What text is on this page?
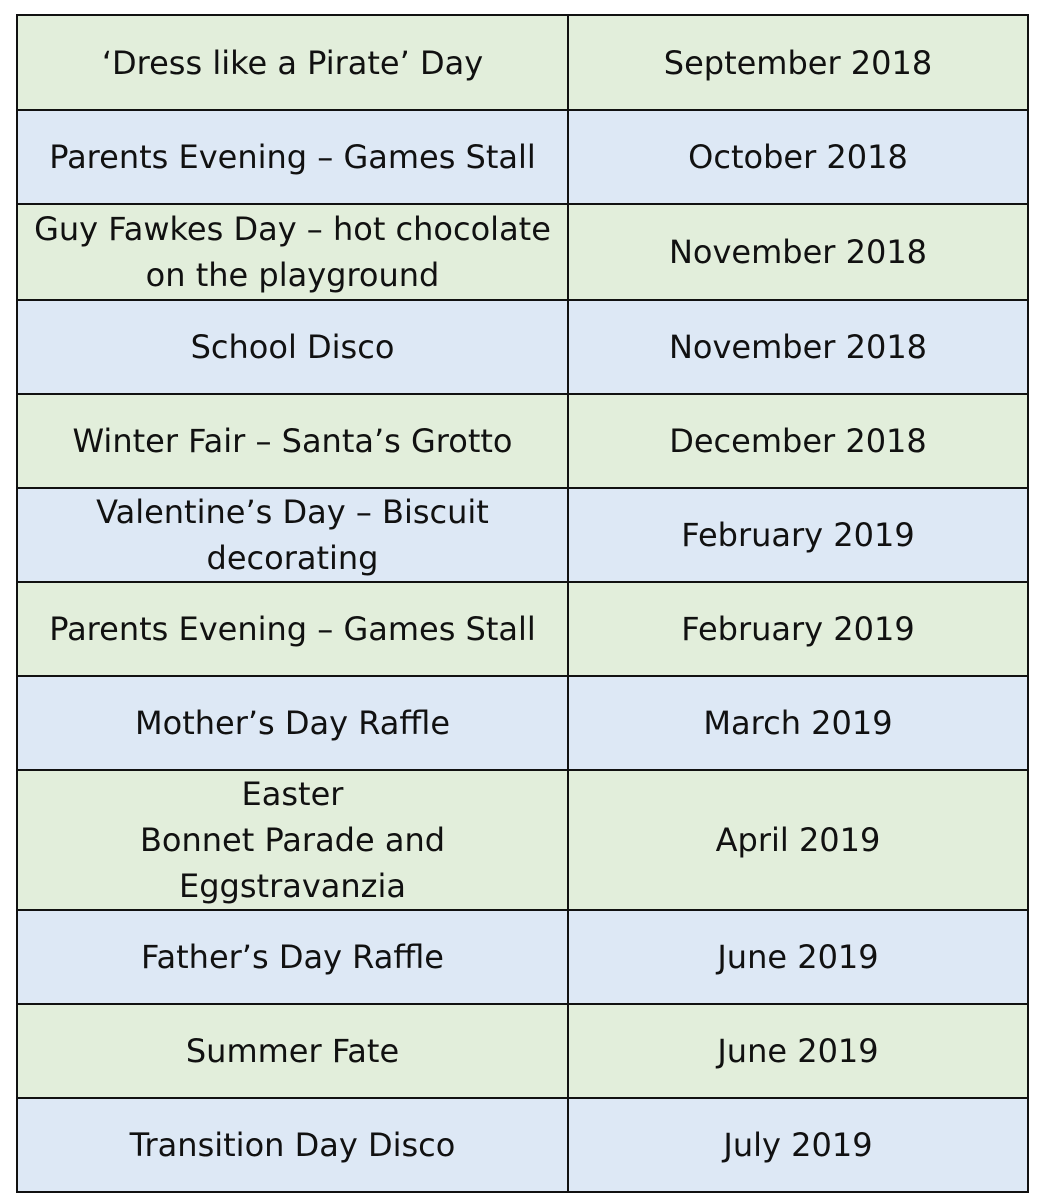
‘Dress like a Pirate’ Day	September 2018

Parents Evening – Games Stall	October 2018

Guy Fawkes Day – hot chocolate
on the playground	November 2018

School Disco	November 2018

Winter Fair – Santa’s Grotto	December 2018

Valentine’s Day – Biscuit
decorating	February 2019

Parents Evening – Games Stall	February 2019

Mother’s Day Raffle	March 2019

Easter
Bonnet Parade and Eggstravanzia	April 2019

Father’s Day Raffle	June 2019

Summer Fate	June 2019

Transition Day Disco	July 2019
